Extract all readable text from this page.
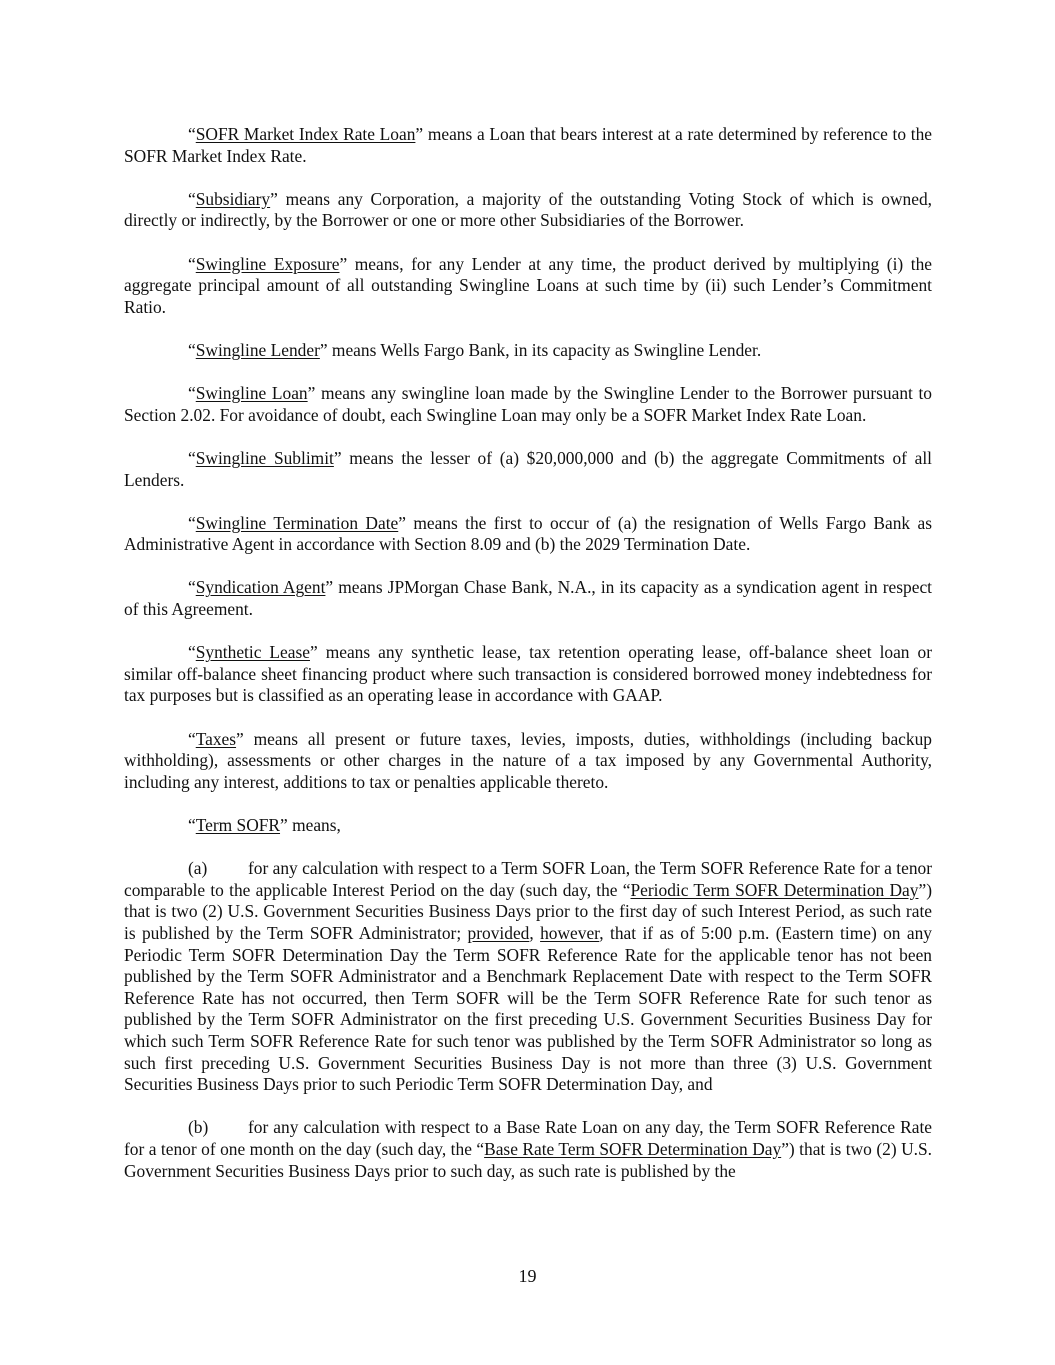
“SOFR Market Index Rate Loan” means a Loan that bears interest at a rate determined by reference to the SOFR Market Index Rate.

“Subsidiary” means any Corporation, a majority of the outstanding Voting Stock of which is owned, directly or indirectly, by the Borrower or one or more other Subsidiaries of the Borrower.

“Swingline Exposure” means, for any Lender at any time, the product derived by multiplying (i) the aggregate principal amount of all outstanding Swingline Loans at such time by (ii) such Lender’s Commitment Ratio.

“Swingline Lender” means Wells Fargo Bank, in its capacity as Swingline Lender.

“Swingline Loan” means any swingline loan made by the Swingline Lender to the Borrower pursuant to Section 2.02. For avoidance of doubt, each Swingline Loan may only be a SOFR Market Index Rate Loan.

“Swingline Sublimit” means the lesser of (a) $20,000,000 and (b) the aggregate Commitments of all Lenders.

“Swingline Termination Date” means the first to occur of (a) the resignation of Wells Fargo Bank as Administrative Agent in accordance with Section 8.09 and (b) the 2029 Termination Date.

“Syndication Agent” means JPMorgan Chase Bank, N.A., in its capacity as a syndication agent in respect of this Agreement.

“Synthetic Lease” means any synthetic lease, tax retention operating lease, off-balance sheet loan or similar off-balance sheet financing product where such transaction is considered borrowed money indebtedness for tax purposes but is classified as an operating lease in accordance with GAAP.

“Taxes” means all present or future taxes, levies, imposts, duties, withholdings (including backup withholding), assessments or other charges in the nature of a tax imposed by any Governmental Authority, including any interest, additions to tax or penalties applicable thereto.

“Term SOFR” means,

(a) for any calculation with respect to a Term SOFR Loan, the Term SOFR Reference Rate for a tenor comparable to the applicable Interest Period on the day (such day, the “Periodic Term SOFR Determination Day”) that is two (2) U.S. Government Securities Business Days prior to the first day of such Interest Period, as such rate is published by the Term SOFR Administrator; provided, however, that if as of 5:00 p.m. (Eastern time) on any Periodic Term SOFR Determination Day the Term SOFR Reference Rate for the applicable tenor has not been published by the Term SOFR Administrator and a Benchmark Replacement Date with respect to the Term SOFR Reference Rate has not occurred, then Term SOFR will be the Term SOFR Reference Rate for such tenor as published by the Term SOFR Administrator on the first preceding U.S. Government Securities Business Day for which such Term SOFR Reference Rate for such tenor was published by the Term SOFR Administrator so long as such first preceding U.S. Government Securities Business Day is not more than three (3) U.S. Government Securities Business Days prior to such Periodic Term SOFR Determination Day, and

(b) for any calculation with respect to a Base Rate Loan on any day, the Term SOFR Reference Rate for a tenor of one month on the day (such day, the “Base Rate Term SOFR Determination Day”) that is two (2) U.S. Government Securities Business Days prior to such day, as such rate is published by the

19
